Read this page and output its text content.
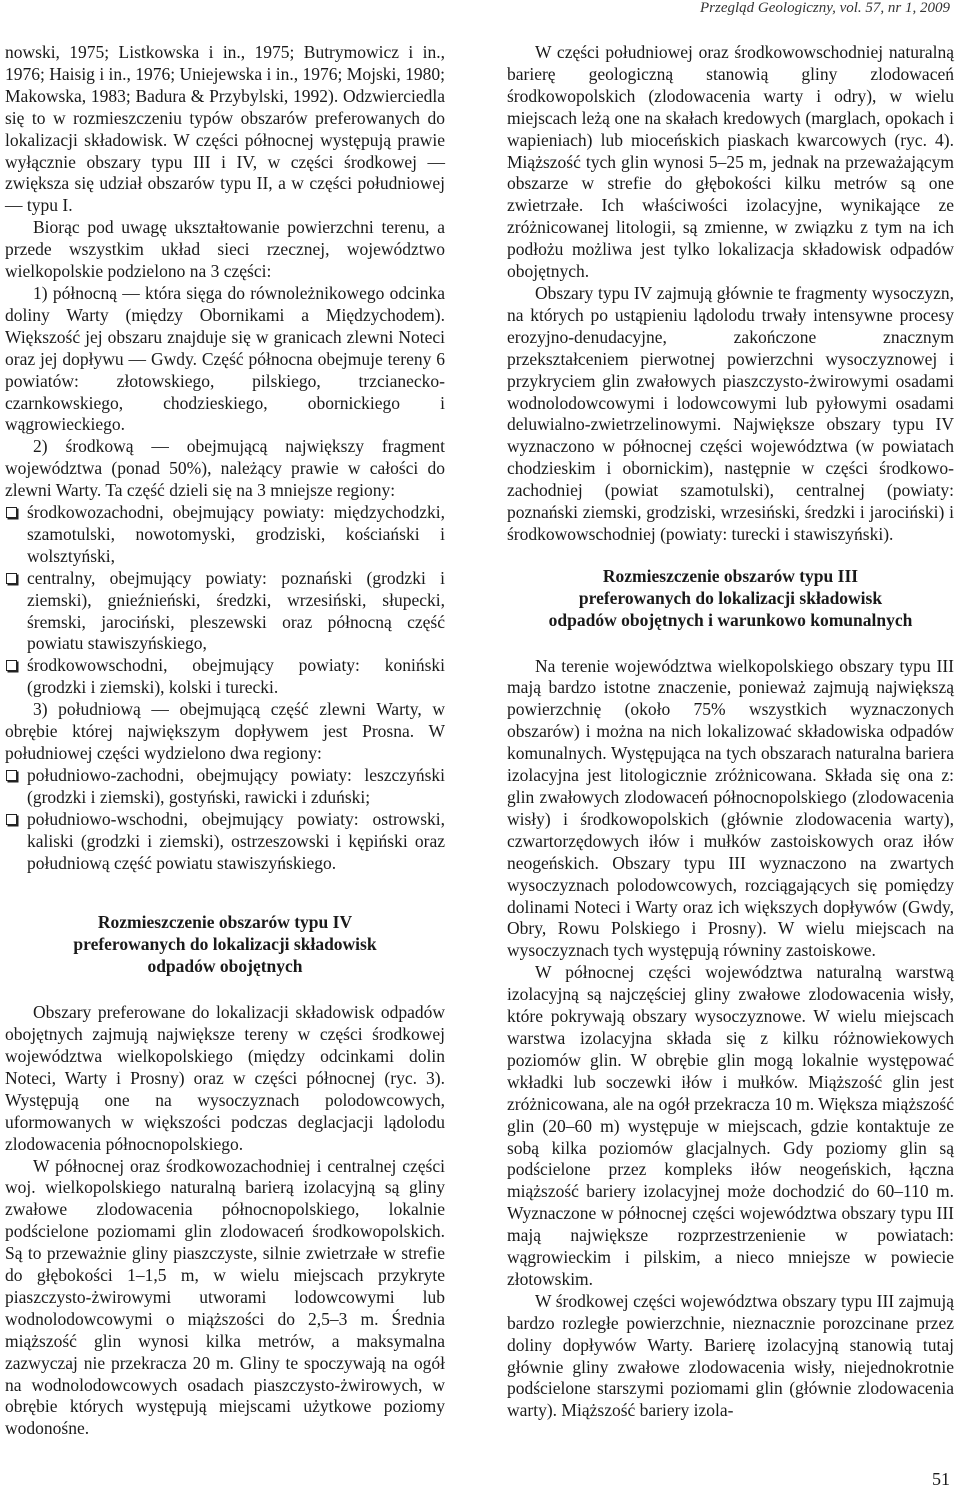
Przegląd Geologiczny, vol. 57, nr 1, 2009

nowski, 1975; Listkowska i in., 1975; Butrymowicz i in., 1976; Haisig i in., 1976; Uniejewska i in., 1976; Mojski, 1980; Makowska, 1983; Badura & Przybylski, 1992). Odzwierciedla się to w rozmieszczeniu typów obszarów preferowanych do lokalizacji składowisk. W części północnej występują prawie wyłącznie obszary typu III i IV, w części środkowej — zwiększa się udział obszarów typu II, a w części południowej — typu I.

Biorąc pod uwagę ukształtowanie powierzchni terenu, a przede wszystkim układ sieci rzecznej, województwo wielkopolskie podzielono na 3 części:

1) północną — która sięga do równoleżnikowego odcinka doliny Warty (między Obornikami a Międzychodem). Większość jej obszaru znajduje się w granicach zlewni Noteci oraz jej dopływu — Gwdy. Część północna obejmuje tereny 6 powiatów: złotowskiego, pilskiego, trzcianecko-czarnkowskiego, chodzieskiego, obornickiego i wągrowieckiego.

2) środkową — obejmującą największy fragment województwa (ponad 50%), należący prawie w całości do zlewni Warty. Ta część dzieli się na 3 mniejsze regiony:

środkowozachodni, obejmujący powiaty: międzychodzki, szamotulski, nowotomyski, grodziski, kościański i wolsztyński,
centralny, obejmujący powiaty: poznański (grodzki i ziemski), gnieźnieński, średzki, wrzesiński, słupecki, śremski, jarociński, pleszewski oraz północną część powiatu stawiszyńskiego,
środkowowschodni, obejmujący powiaty: koniński (grodzki i ziemski), kolski i turecki.

3) południową — obejmującą część zlewni Warty, w obrębie której największym dopływem jest Prosna. W południowej części wydzielono dwa regiony:

południowo-zachodni, obejmujący powiaty: leszczyński (grodzki i ziemski), gostyński, rawicki i zduński;
południowo-wschodni, obejmujący powiaty: ostrowski, kaliski (grodzki i ziemski), ostrzeszowski i kępiński oraz południową część powiatu stawiszyńskiego.
Rozmieszczenie obszarów typu IV
preferowanych do lokalizacji składowisk
odpadów obojętnych

Obszary preferowane do lokalizacji składowisk odpadów obojętnych zajmują największe tereny w części środkowej województwa wielkopolskiego (między odcinkami dolin Noteci, Warty i Prosny) oraz w części północnej (ryc. 3). Występują one na wysoczyznach polodowcowych, uformowanych w większości podczas deglacjacji lądolodu zlodowacenia północnopolskiego.

W północnej oraz środkowozachodniej i centralnej części woj. wielkopolskiego naturalną barierą izolacyjną są gliny zwałowe zlodowacenia północnopolskiego, lokalnie podścielone poziomami glin zlodowaceń środkowopolskich. Są to przeważnie gliny piaszczyste, silnie zwietrzałe w strefie do głębokości 1–1,5 m, w wielu miejscach przykryte piaszczysto-żwirowymi utworami lodowcowymi lub wodnolodowcowymi o miąższości do 2,5–3 m. Średnia miąższość glin wynosi kilka metrów, a maksymalna zazwyczaj nie przekracza 20 m. Gliny te spoczywają na ogół na wodnolodowcowych osadach piaszczysto-żwirowych, w obrębie których występują miejscami użytkowe poziomy wodonośne.

W części południowej oraz środkowowschodniej naturalną barierę geologiczną stanowią gliny zlodowaceń środkowopolskich (zlodowacenia warty i odry), w wielu miejscach leżą one na skałach kredowych (marglach, opokach i wapieniach) lub mioceńskich piaskach kwarcowych (ryc. 4). Miąższość tych glin wynosi 5–25 m, jednak na przeważającym obszarze w strefie do głębokości kilku metrów są one zwietrzałe. Ich właściwości izolacyjne, wynikające ze zróżnicowanej litologii, są zmienne, w związku z tym na ich podłożu możliwa jest tylko lokalizacja składowisk odpadów obojętnych.

Obszary typu IV zajmują głównie te fragmenty wysoczyzn, na których po ustąpieniu lądolodu trwały intensywne procesy erozyjno-denudacyjne, zakończone znacznym przekształceniem pierwotnej powierzchni wysoczyznowej i przykryciem glin zwałowych piaszczysto-żwirowymi osadami wodnolodowcowymi i lodowcowymi lub pyłowymi osadami deluwialno-zwietrzelinowymi. Największe obszary typu IV wyznaczono w północnej części województwa (w powiatach chodzieskim i obornickim), następnie w części środkowo-zachodniej (powiat szamotulski), centralnej (powiaty: poznański ziemski, grodziski, wrzesiński, średzki i jarociński) i środkowowschodniej (powiaty: turecki i stawiszyński).

Rozmieszczenie obszarów typu III
preferowanych do lokalizacji składowisk
odpadów obojętnych i warunkowo komunalnych

Na terenie województwa wielkopolskiego obszary typu III mają bardzo istotne znaczenie, ponieważ zajmują największą powierzchnię (około 75% wszystkich wyznaczonych obszarów) i można na nich lokalizować składowiska odpadów komunalnych. Występująca na tych obszarach naturalna bariera izolacyjna jest litologicznie zróżnicowana. Składa się ona z: glin zwałowych zlodowaceń północnopolskiego (zlodowacenia wisły) i środkowopolskich (głównie zlodowacenia warty), czwartorzędowych iłów i mułków zastoiskowych oraz iłów neogeńskich. Obszary typu III wyznaczono na zwartych wysoczyznach polodowcowych, rozciągających się pomiędzy dolinami Noteci i Warty oraz ich większych dopływów (Gwdy, Obry, Rowu Polskiego i Prosny). W wielu miejscach na wysoczyznach tych występują równiny zastoiskowe.

W północnej części województwa naturalną warstwą izolacyjną są najczęściej gliny zwałowe zlodowacenia wisły, które pokrywają obszary wysoczyznowe. W wielu miejscach warstwa izolacyjna składa się z kilku różnowiekowych poziomów glin. W obrębie glin mogą lokalnie występować wkładki lub soczewki iłów i mułków. Miąższość glin jest zróżnicowana, ale na ogół przekracza 10 m. Większa miąższość glin (20–60 m) występuje w miejscach, gdzie kontaktuje ze sobą kilka poziomów glacjalnych. Gdy poziomy glin są podścielone przez kompleks iłów neogeńskich, łączna miąższość bariery izolacyjnej może dochodzić do 60–110 m. Wyznaczone w północnej części województwa obszary typu III mają największe rozprzestrzenienie w powiatach: wągrowieckim i pilskim, a nieco mniejsze w powiecie złotowskim.

W środkowej części województwa obszary typu III zajmują bardzo rozległe powierzchnie, nieznacznie porozcinane przez doliny dopływów Warty. Barierę izolacyjną stanowią tutaj głównie gliny zwałowe zlodowacenia wisły, niejednokrotnie podścielone starszymi poziomami glin (głównie zlodowacenia warty). Miąższość bariery izola-

51
